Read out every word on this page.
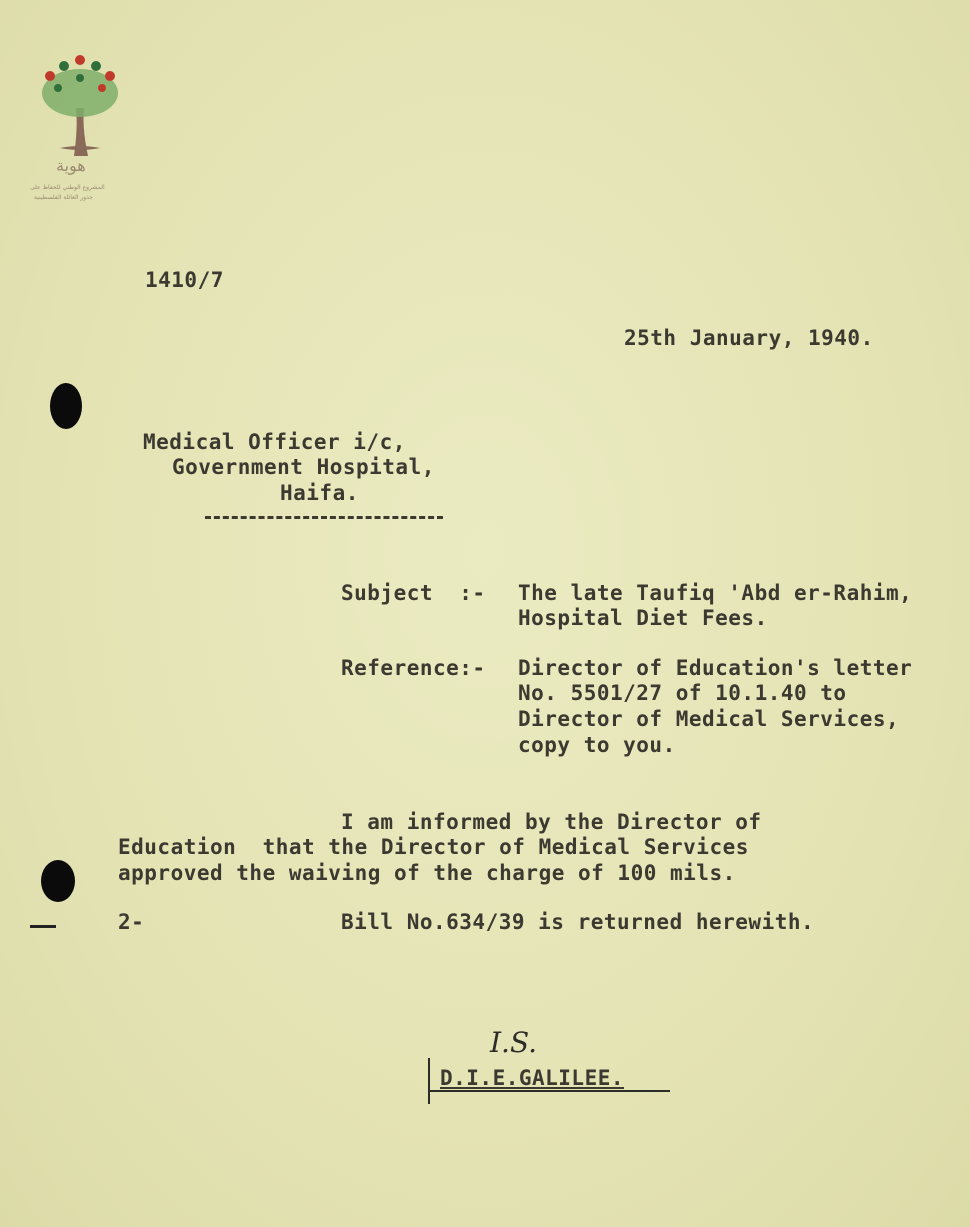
هوية
المشروع الوطني للحفاظ على
جذور العائلة الفلسطينية
1410/7
25th January, 1940.
Medical Officer i/c,
Government Hospital,
Haifa.
Subject  :- The late Taufiq 'Abd er-Rahim,
Hospital Diet Fees.
Reference:- Director of Education's letter
No. 5501/27 of 10.1.40 to
Director of Medical Services,
copy to you.
I am informed by the Director of
Education  that the Director of Medical Services
approved the waiving of the charge of 100 mils.
2-	Bill No.634/39 is returned herewith.
I.S.
D.I.E.GALILEE.
